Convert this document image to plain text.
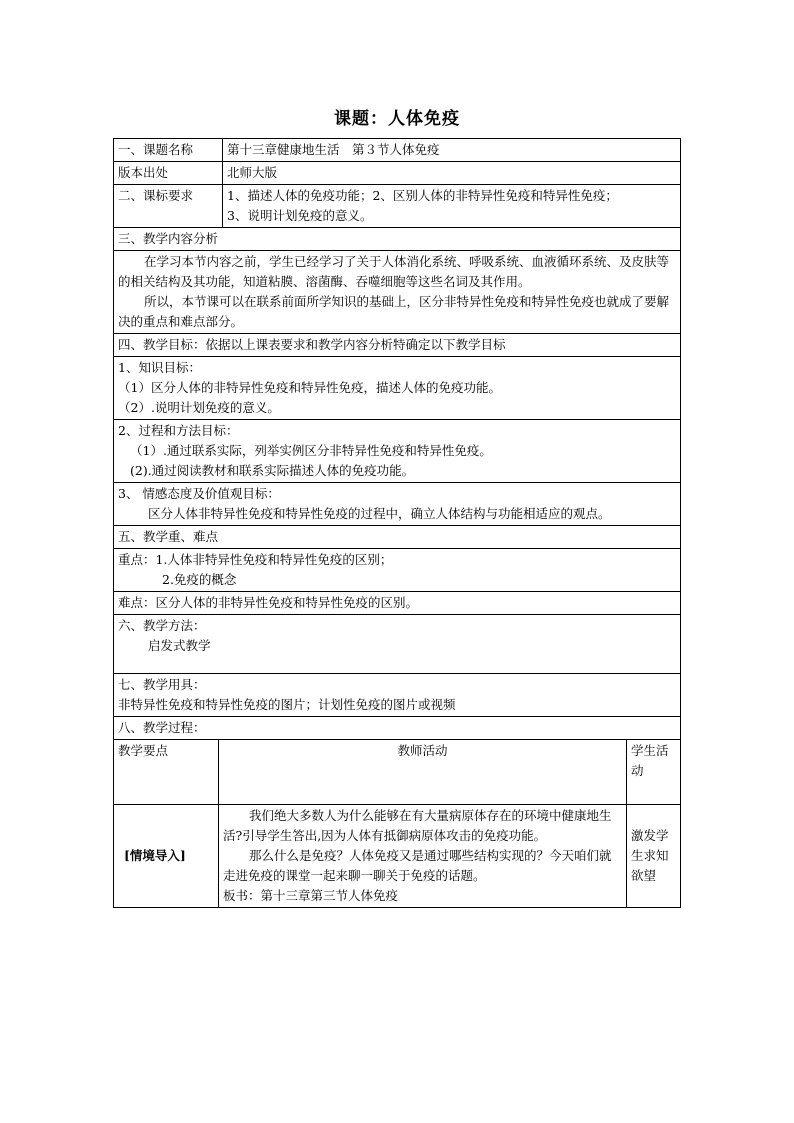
课题：人体免疫
一、课题名称	第十三章健康地生活　第３节人体免疫
版本出处	北师大版
二、课标要求	1、描述人体的免疫功能；2、区别人体的非特异性免疫和特异性免疫；
3、说明计划免疫的意义。

三、教学内容分析	

在学习本节内容之前，学生已经学习了关于人体消化系统、呼吸系统、血液循环系统、及皮肤等的相关结构及其功能，知道粘膜、溶菌酶、吞噬细胞等这些名词及其作用。
所以，本节课可以在联系前面所学知识的基础上，区分非特异性免疫和特异性免疫也就成了要解决的重点和难点部分。	

四、教学目标：依据以上课表要求和教学内容分析特确定以下教学目标	

1、知识目标：
（1）区分人体的非特异性免疫和特异性免疫，描述人体的免疫功能。
（2）.说明计划免疫的意义。	

2、过程和方法目标：
（1）.通过联系实际，列举实例区分非特异性免疫和特异性免疫。
(2).通过阅读教材和联系实际描述人体的免疫功能。	

3、 情感态度及价值观目标：
区分人体非特异性免疫和特异性免疫的过程中，确立人体结构与功能相适应的观点。	

五、教学重、难点	

重点：1.人体非特异性免疫和特异性免疫的区别；
2.免疫的概念	

难点：区分人体的非特异性免疫和特异性免疫的区别。	

六、教学方法：
启发式教学	

七、教学用具：
非特异性免疫和特异性免疫的图片；计划性免疫的图片或视频	

八、教学过程：	
教学要点	教师活动	学生活动
[情境导入]	我们绝大多数人为什么能够在有大量病原体存在的环境中健康地生活?引导学生答出,因为人体有抵御病原体攻击的免疫功能。
那么什么是免疫？人体免疫又是通过哪些结构实现的？今天咱们就走进免疫的课堂一起来聊一聊关于免疫的话题。
板书：第十三章第三节人体免疫	激发学生求知欲望
